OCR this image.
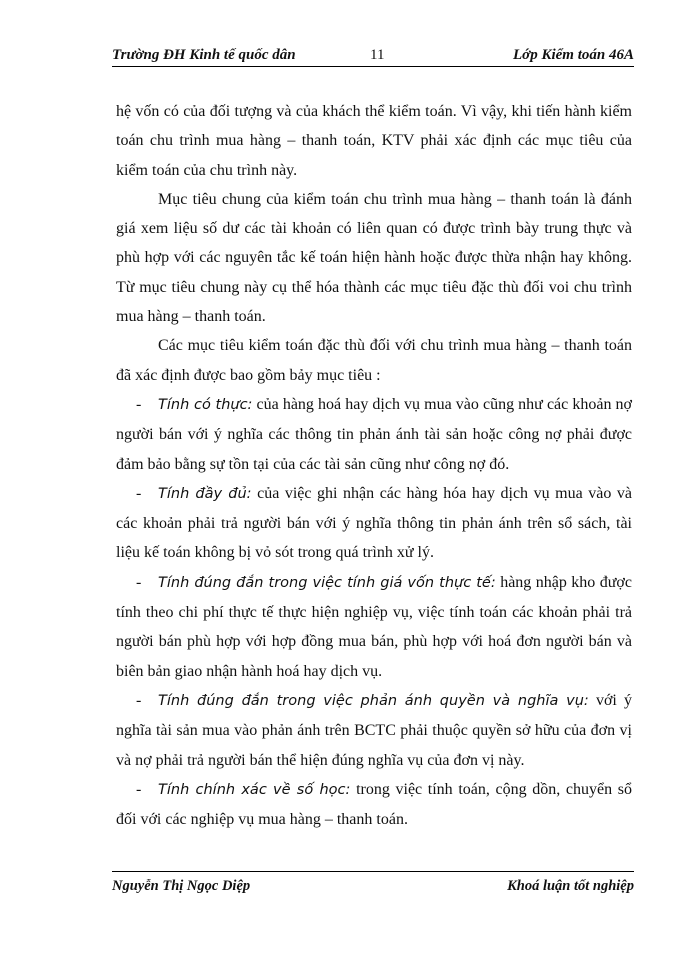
Trường ĐH Kinh tế quốc dân	11	Lớp Kiểm toán 46A

hệ vốn có của đối tượng và của khách thể kiểm toán. Vì vậy, khi tiến hành kiểm toán chu trình mua hàng – thanh toán, KTV phải xác định các mục tiêu của kiểm toán của chu trình này.

Mục tiêu chung của kiểm toán chu trình mua hàng – thanh toán là đánh giá xem liệu số dư các tài khoản có liên quan có được trình bày trung thực và phù hợp với các nguyên tắc kế toán hiện hành hoặc được thừa nhận hay không. Từ mục tiêu chung này cụ thể hóa thành các mục tiêu đặc thù đối voi chu trình mua hàng – thanh toán.

Các mục tiêu kiểm toán đặc thù đối với chu trình mua hàng – thanh toán đã xác định được bao gồm bảy mục tiêu :

- Tính có thực: của hàng hoá hay dịch vụ mua vào cũng như các khoản nợ người bán với ý nghĩa các thông tin phản ánh tài sản hoặc công nợ phải được đảm bảo bằng sự tồn tại của các tài sản cũng như công nợ đó.

- Tính đầy đủ: của việc ghi nhận các hàng hóa hay dịch vụ mua vào và các khoản phải trả người bán với ý nghĩa thông tin phản ánh trên sổ sách, tài liệu kế toán không bị vỏ sót trong quá trình xử lý.

- Tính đúng đắn trong việc tính giá vốn thực tế: hàng nhập kho được tính theo chi phí thực tế thực hiện nghiệp vụ, việc tính toán các khoản phải trả người bán phù hợp với hợp đồng mua bán, phù hợp với hoá đơn người bán và biên bản giao nhận hành hoá hay dịch vụ.

- Tính đúng đắn trong việc phản ánh quyền và nghĩa vụ: với ý nghĩa tài sản mua vào phản ánh trên BCTC phải thuộc quyền sở hữu của đơn vị và nợ phải trả người bán thể hiện đúng nghĩa vụ của đơn vị này.

- Tính chính xác về số học: trong việc tính toán, cộng dồn, chuyển sổ đối với các nghiệp vụ mua hàng – thanh toán.

Nguyễn Thị Ngọc Diệp	Khoá luận tốt nghiệp
